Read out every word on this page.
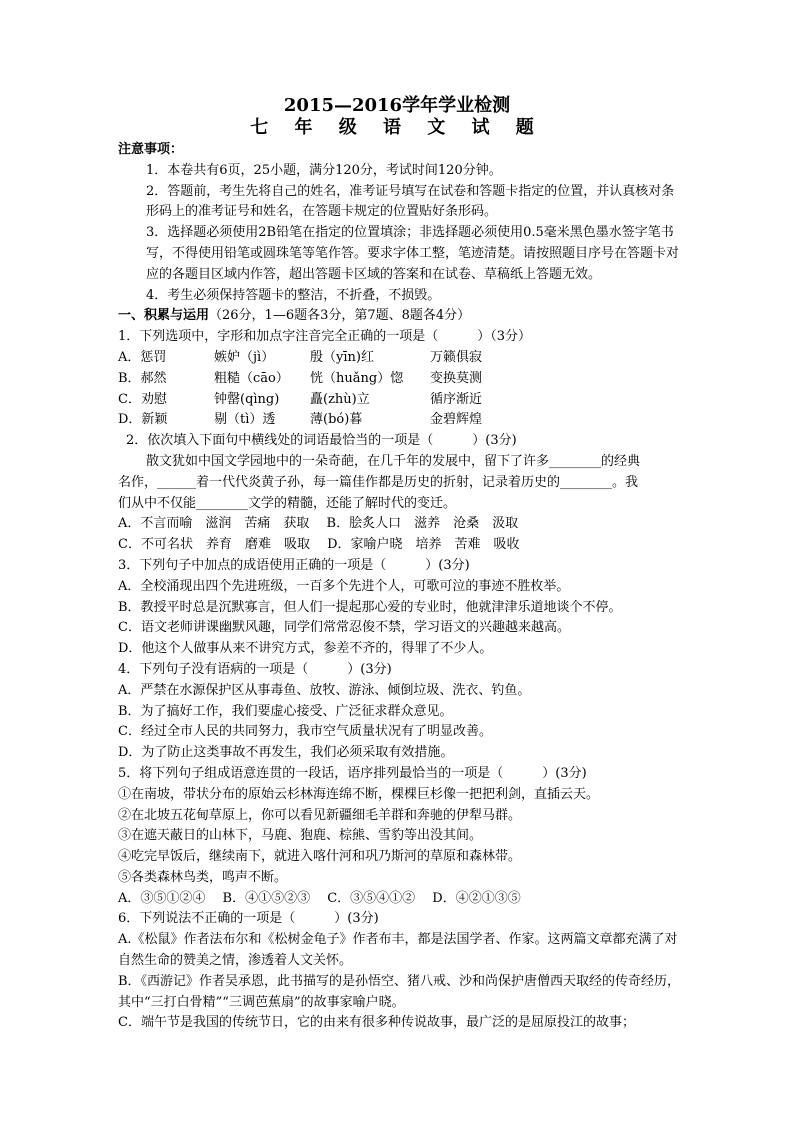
2015—2016学年学业检测
七 年 级 语 文 试 题
注意事项：
1．本卷共有6页，25小题，满分120分，考试时间120分钟。
2．答题前，考生先将自己的姓名，准考证号填写在试卷和答题卡指定的位置，并认真核对条形码上的准考证号和姓名，在答题卡规定的位置贴好条形码。
3．选择题必须使用2B铅笔在指定的位置填涂；非选择题必须使用0.5毫米黑色墨水签字笔书写，不得使用铅笔或圆珠笔等笔作答。要求字体工整，笔迹清楚。请按照题目序号在答题卡对应的各题目区域内作答，超出答题卡区域的答案和在试卷、草稿纸上答题无效。
4．考生必须保持答题卡的整洁，不折叠，不损毁。
一、积累与运用（26分，1—6题各3分，第7题、8题各4分）
1．下列选项中，字形和加点字注音完全正确的一项是（　　　）（3分）
A．惩罚	嫉妒（jì）	殷（yīn)红	万籁俱寂
B．郝然	粗糙（cāo） 恍（huǎng）惚 变换莫测
C．劝慰	钟罄(qìng) 矗(zhù)立	循序渐近
D．新颖	剔（tì）透	薄(bó)暮	金碧辉煌
2．依次填入下面句中横线处的词语最恰当的一项是（　　　）(3分)
散文犹如中国文学园地中的一朵奇葩，在几千年的发展中，留下了许多________的经典
名作，______着一代代炎黄子孙，每一篇佳作都是历史的折射，记录着历史的________。我
们从中不仅能________文学的精髓，还能了解时代的变迁。
A．不言而喻　滋润　苦痛　获取　 B．脍炙人口　滋养　沧桑　汲取
C．不可名状　养育　磨难　吸取　 D．家喻户晓　培养　苦难　吸收
3．下列句子中加点的成语使用正确的一项是（　　　）(3分)
A．全校涌现出四个先进班级，一百多个先进个人，可歌可泣的事迹不胜枚举。
B．教授平时总是沉默寡言，但人们一提起那心爱的专业时，他就津津乐道地谈个不停。
C．语文老师讲课幽默风趣，同学们常常忍俊不禁，学习语文的兴趣越来越高。
D．他这个人做事从来不讲究方式，参差不齐的，得罪了不少人。
4．下列句子没有语病的一项是（　　　）(3分)
A．严禁在水源保护区从事毒鱼、放牧、游泳、倾倒垃圾、洗衣、钓鱼。
B．为了搞好工作，我们要虚心接受、广泛征求群众意见。
C．经过全市人民的共同努力，我市空气质量状况有了明显改善。
D．为了防止这类事故不再发生，我们必须采取有效措施。
5．将下列句子组成语意连贯的一段话，语序排列最恰当的一项是（　　　）(3分)
①在南坡，带状分布的原始云杉林海连绵不断，棵棵巨杉像一把把利剑，直插云天。
②在北坡五花甸草原上，你可以看见新疆细毛羊群和奔驰的伊犁马群。
③在遮天蔽日的山林下，马鹿、狍鹿、棕熊、雪豹等出没其间。
④吃完早饭后，继续南下，就进入喀什河和巩乃斯河的草原和森林带。
⑤各类森林鸟类，鸣声不断。
A．③⑤①②④　 B．④①⑤②③　 C．③⑤④①②　 D．④②①③⑤
6．下列说法不正确的一项是（　　　）(3分)
A.《松鼠》作者法布尔和《松树金龟子》作者布丰，都是法国学者、作家。这两篇文章都充满了对自然生命的赞美之情，渗透着人文关怀。
B．《西游记》作者吴承恩，此书描写的是孙悟空、猪八戒、沙和尚保护唐僧西天取经的传奇经历，其中“三打白骨精”“三调芭蕉扇”的故事家喻户晓。
C．端午节是我国的传统节日，它的由来有很多种传说故事，最广泛的是屈原投江的故事；
